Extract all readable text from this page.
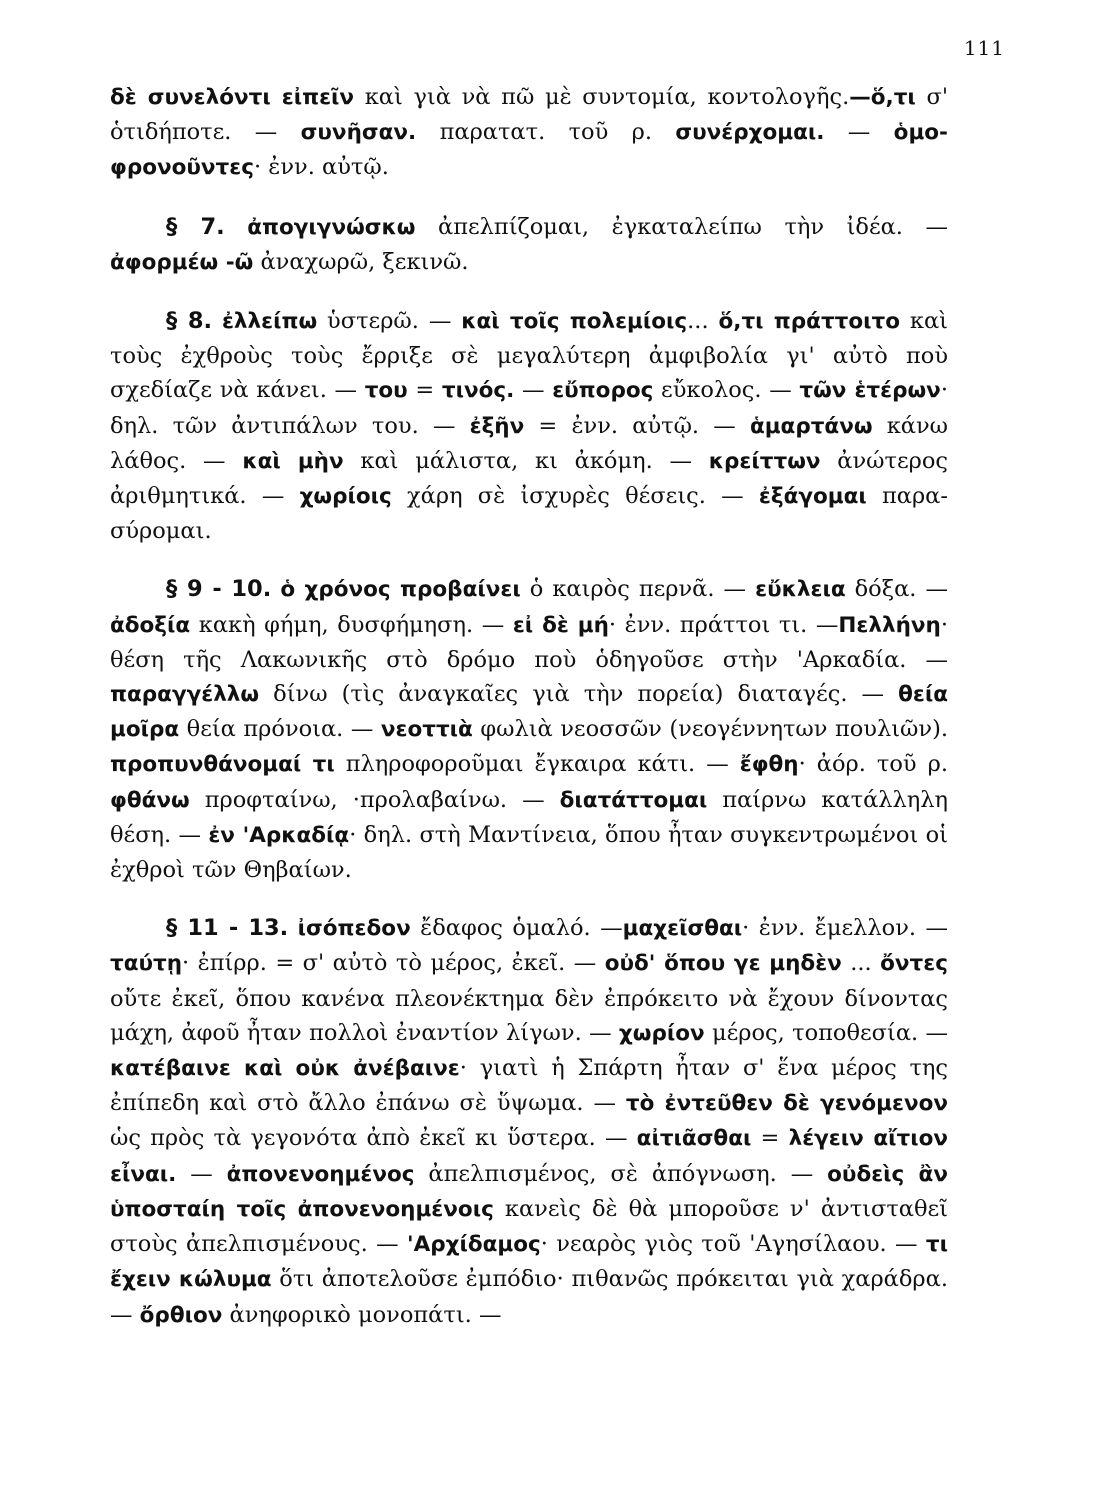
111

δὲ συνελόντι εἰπεῖν καὶ γιὰ νὰ πῶ μὲ συντομία, κοντολογῆς.—ὅ,τι σ' ὁτιδήποτε. — συνῆσαν. παρατατ. τοῦ ρ. συνέρχομαι. — ὁμοφρονοῦντες· ἐνν. αὐτῷ.

§ 7. ἀπογιγνώσκω ἀπελπίζομαι, ἐγκαταλείπω τὴν ἰδέα. — ἀφορμέω -ῶ ἀναχωρῶ, ξεκινῶ.

§ 8. ἐλλείπω ὑστερῶ. — καὶ τοῖς πολεμίοις... ὅ,τι πράττοιτο καὶ τοὺς ἐχθροὺς τοὺς ἔρριξε σὲ μεγαλύτερη ἀμφιβολία γι' αὐτὸ ποὺ σχεδίαζε νὰ κάνει. — του = τινός. — εὔπορος εὔκολος. — τῶν ἑτέρων· δηλ. τῶν ἀντιπάλων του. — ἐξῆν = ἐνν. αὐτῷ. — ἁμαρτάνω κάνω λάθος. — καὶ μὴν καὶ μάλιστα, κι ἀκόμη. — κρείττων ἀνώτερος ἀριθμητικά. — χωρίοις χάρη σὲ ἰσχυρὲς θέσεις. — ἐξάγομαι παρασύρομαι.

§ 9 - 10. ὁ χρόνος προβαίνει ὁ καιρὸς περνᾶ. — εὔκλεια δόξα. — ἀδοξία κακὴ φήμη, δυσφήμηση. — εἰ δὲ μή· ἐνν. πράττοι τι. —Πελλήνη· θέση τῆς Λακωνικῆς στὸ δρόμο ποὺ ὁδηγοῦσε στὴν 'Αρκαδία. — παραγγέλλω δίνω (τὶς ἀναγκαῖες γιὰ τὴν πορεία) διαταγές. — θεία μοῖρα θεία πρόνοια. — νεοττιὰ φωλιὰ νεοσσῶν (νεογέννητων πουλιῶν). προπυνθάνομαί τι πληροφοροῦμαι ἔγκαιρα κάτι. — ἔφθη· ἀόρ. τοῦ ρ. φθάνω προφταίνω, ·προλαβαίνω. — διατάττομαι παίρνω κατάλληλη θέση. — ἐν 'Αρκαδίᾳ· δηλ. στὴ Μαντίνεια, ὅπου ἦταν συγκεντρωμένοι οἱ ἐχθροὶ τῶν Θηβαίων.

§ 11 - 13. ἰσόπεδον ἔδαφος ὁμαλό. —μαχεῖσθαι· ἐνν. ἔμελλον. — ταύτῃ· ἐπίρρ. = σ' αὐτὸ τὸ μέρος, ἐκεῖ. — οὐδ' ὅπου γε μηδὲν ... ὄντες οὔτε ἐκεῖ, ὅπου κανένα πλεονέκτημα δὲν ἐπρόκειτο νὰ ἔχουν δίνοντας μάχη, ἀφοῦ ἦταν πολλοὶ ἐναντίον λίγων. — χωρίον μέρος, τοποθεσία. — κατέβαινε καὶ οὐκ ἀνέβαινε· γιατὶ ἡ Σπάρτη ἦταν σ' ἕνα μέρος της ἐπίπεδη καὶ στὸ ἄλλο ἐπάνω σὲ ὕψωμα. — τὸ ἐντεῦθεν δὲ γενόμενον ὡς πρὸς τὰ γεγονότα ἀπὸ ἐκεῖ κι ὕστερα. — αἰτιᾶσθαι = λέγειν αἴτιον εἶναι. — ἀπονενοημένος ἀπελπισμένος, σὲ ἀπόγνωση. — οὐδεὶς ἂν ὑποσταίη τοῖς ἀπονενοημένοις κανεὶς δὲ θὰ μποροῦσε ν' ἀντισταθεῖ στοὺς ἀπελπισμένους. — 'Αρχίδαμος· νεαρὸς γιὸς τοῦ 'Αγησίλαου. — τι ἔχειν κώλυμα ὅτι ἀποτελοῦσε ἐμπόδιο· πιθανῶς πρόκειται γιὰ χαράδρα. — ὄρθιον ἀνηφορικὸ μονοπάτι. —
